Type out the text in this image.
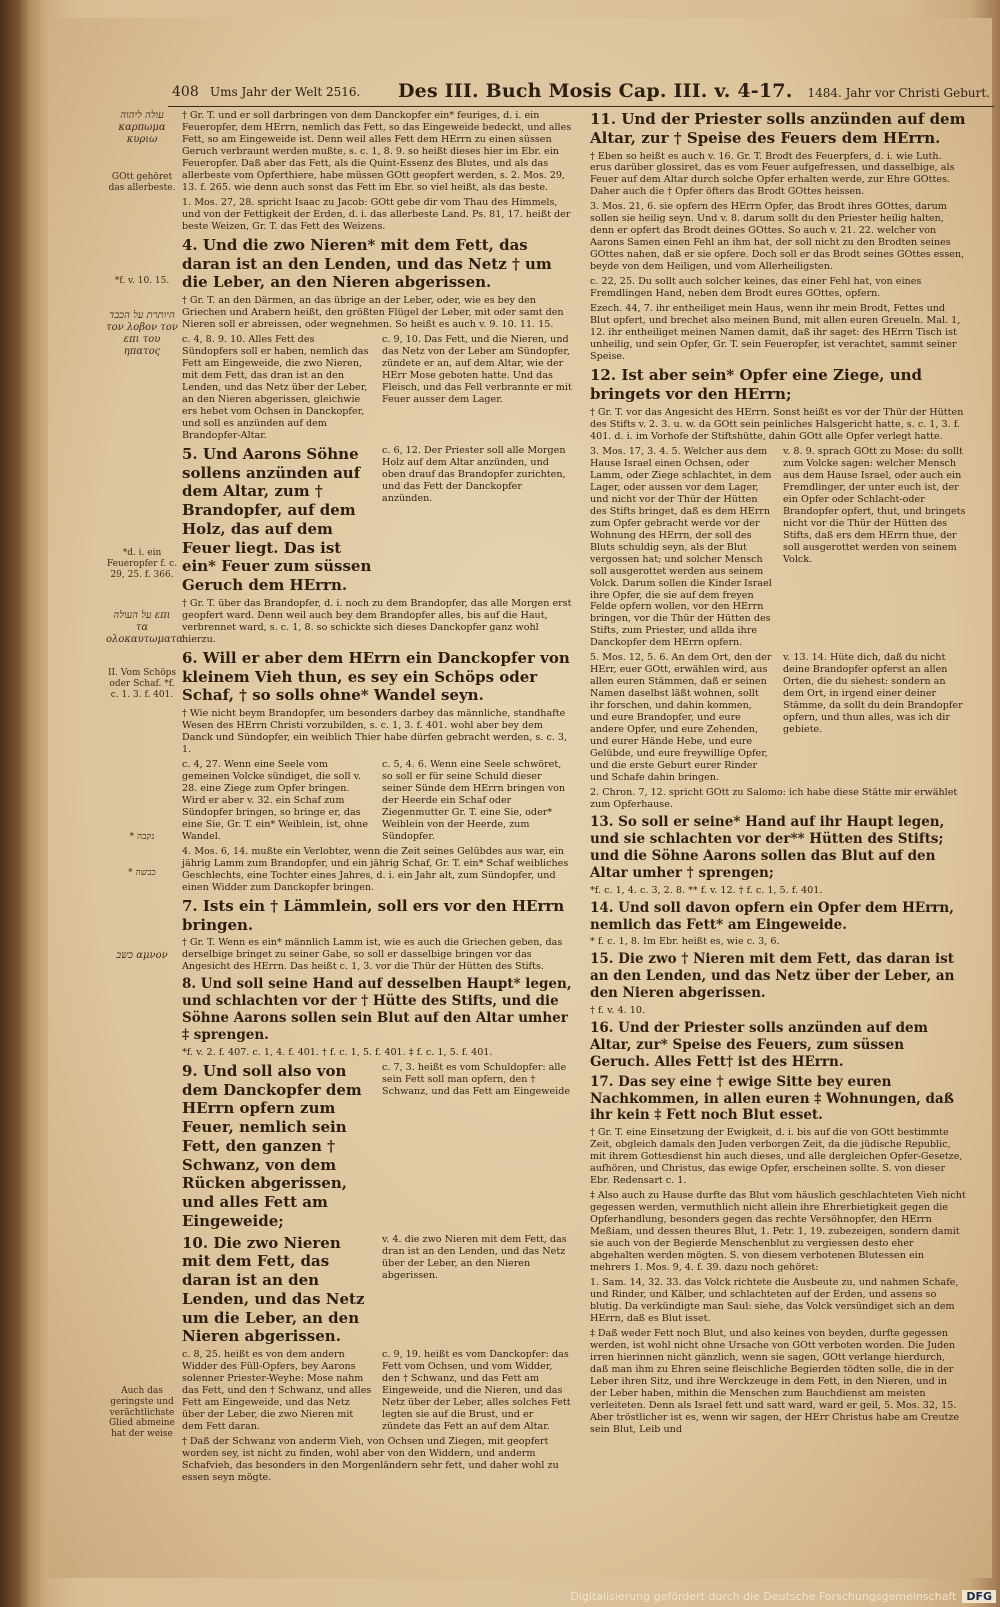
408 Ums Jahr der Welt 2516. Des III. Buch Mosis Cap. III. v. 4-17. 1484. Jahr vor Christi Geburt.
עולה ליהוה καρπωμα κυριω
GOtt gehöret das allerbeste.
*f. v. 10. 15.
היותרת על הכבד τον λοβον τον επι του ηπατος
*d. i. ein Feueropfer f. c. 29, 25. f. 366.
על העולה επι τα ολοκαυτωματα
II. Vom Schöps oder Schaf. *f. c. 1. 3. f. 401.
* נקבה
* כבשה
כשב αμνον
Auch das geringste und verächtlichste Glied abmeine hat der weise
† Gr. T. und er soll darbringen von dem Danckopfer ein* feuriges, d. i. ein Feueropfer, dem HErrn, nemlich das Fett, so das Eingeweide bedeckt, und alles Fett, so am Eingeweide ist. Denn weil alles Fett dem HErrn zu einen süssen Geruch verbraunt werden mußte, s. c. 1, 8. 9. so heißt dieses hier im Ebr. ein Feueropfer. Daß aber das Fett, als die Quint-Essenz des Blutes, und als das allerbeste vom Opferthiere, habe müssen GOtt geopfert werden, s. 2. Mos. 29, 13. f. 265. wie denn auch sonst das Fett im Ebr. so viel heißt, als das beste.
1. Mos. 27, 28. spricht Isaac zu Jacob: GOtt gebe dir vom Thau des Himmels, und von der Fettigkeit der Erden, d. i. das allerbeste Land. Ps. 81, 17. heißt der beste Weizen, Gr. T. das Fett des Weizens.
4. Und die zwo Nieren* mit dem Fett, das daran ist an den Lenden, und das Netz † um die Leber, an den Nieren abgerissen.
† Gr. T. an den Därmen, an das übrige an der Leber, oder, wie es bey den Griechen und Arabern heißt, den größten Flügel der Leber, mit oder samt den Nieren soll er abreissen, oder wegnehmen. So heißt es auch v. 9. 10. 11. 15.
c. 4, 8. 9. 10. Alles Fett des Sündopfers soll er haben, nemlich das Fett am Eingeweide, die zwo Nieren, mit dem Fett, das dran ist an den Lenden, und das Netz über der Leber, an den Nieren abgerissen, gleichwie ers hebet vom Ochsen in Danckopfer, und soll es anzünden auf dem Brandopfer-Altar.
c. 9, 10. Das Fett, und die Nieren, und das Netz von der Leber am Sündopfer, zündete er an, auf dem Altar, wie der HErr Mose geboten hatte. Und das Fleisch, und das Fell verbrannte er mit Feuer ausser dem Lager.
5. Und Aarons Söhne sollens anzünden auf dem Altar, zum † Brandopfer, auf dem Holz, das auf dem Feuer liegt. Das ist ein* Feuer zum süssen Geruch dem HErrn.
c. 6, 12. Der Priester soll alle Morgen Holz auf dem Altar anzünden, und oben drauf das Brandopfer zurichten, und das Fett der Danckopfer anzünden.
† Gr. T. über das Brandopfer, d. i. noch zu dem Brandopfer, das alle Morgen erst geopfert ward. Denn weil auch bey dem Brandopfer alles, bis auf die Haut, verbrennet ward, s. c. 1, 8. so schickte sich dieses Danckopfer ganz wohl hierzu.
6. Will er aber dem HErrn ein Danckopfer von kleinem Vieh thun, es sey ein Schöps oder Schaf, † so solls ohne* Wandel seyn.
† Wie nicht beym Brandopfer, um besonders darbey das männliche, standhafte Wesen des HErrn Christi vorzubilden, s. c. 1, 3. f. 401. wohl aber bey dem Danck und Sündopfer, ein weiblich Thier habe dürfen gebracht werden, s. c. 3, 1.
c. 4, 27. Wenn eine Seele vom gemeinen Volcke sündiget, die soll v. 28. eine Ziege zum Opfer bringen. Wird er aber v. 32. ein Schaf zum Sündopfer bringen, so bringe er, das eine Sie, Gr. T. ein* Weiblein, ist, ohne Wandel.
c. 5, 4. 6. Wenn eine Seele schwöret, so soll er für seine Schuld dieser seiner Sünde dem HErrn bringen von der Heerde ein Schaf oder Ziegenmutter Gr. T. eine Sie, oder* Weiblein von der Heerde, zum Sündopfer.
4. Mos. 6, 14. mußte ein Verlobter, wenn die Zeit seines Gelübdes aus war, ein jährig Lamm zum Brandopfer, und ein jährig Schaf, Gr. T. ein* Schaf weibliches Geschlechts, eine Tochter eines Jahres, d. i. ein Jahr alt, zum Sündopfer, und einen Widder zum Danckopfer bringen.
7. Ists ein † Lämmlein, soll ers vor den HErrn bringen.
† Gr. T. Wenn es ein* männlich Lamm ist, wie es auch die Griechen geben, das derselbige bringet zu seiner Gabe, so soll er dasselbige bringen vor das Angesicht des HErrn. Das heißt c. 1, 3. vor die Thür der Hütten des Stifts.
8. Und soll seine Hand auf desselben Haupt* legen, und schlachten vor der † Hütte des Stifts, und die Söhne Aarons sollen sein Blut auf den Altar umher ‡ sprengen.
*f. v. 2. f. 407. c. 1, 4. f. 401. † f. c. 1, 5. f. 401. ‡ f. c. 1, 5. f. 401.
9. Und soll also von dem Danckopfer dem HErrn opfern zum Feuer, nemlich sein Fett, den ganzen † Schwanz, von dem Rücken abgerissen, und alles Fett am Eingeweide;
c. 7, 3. heißt es vom Schuldopfer: alle sein Fett soll man opfern, den † Schwanz, und das Fett am Eingeweide
10. Die zwo Nieren mit dem Fett, das daran ist an den Lenden, und das Netz um die Leber, an den Nieren abgerissen.
v. 4. die zwo Nieren mit dem Fett, das dran ist an den Lenden, und das Netz über der Leber, an den Nieren abgerissen.
c. 8, 25. heißt es von dem andern Widder des Füll-Opfers, bey Aarons solenner Priester-Weyhe: Mose nahm das Fett, und den † Schwanz, und alles Fett am Eingeweide, und das Netz über der Leber, die zwo Nieren mit dem Fett daran.
c. 9, 19. heißt es vom Danckopfer: das Fett vom Ochsen, und vom Widder, den † Schwanz, und das Fett am Eingeweide, und die Nieren, und das Netz über der Leber, alles solches Fett legten sie auf die Brust, und er zündete das Fett an auf dem Altar.
† Daß der Schwanz von anderm Vieh, von Ochsen und Ziegen, mit geopfert worden sey, ist nicht zu finden, wohl aber von den Widdern, und anderm Schafvieh, das besonders in den Morgenländern sehr fett, und daher wohl zu essen seyn mögte.
11. Und der Priester solls anzünden auf dem Altar, zur † Speise des Feuers dem HErrn.
† Eben so heißt es auch v. 16. Gr. T. Brodt des Feuerpfers, d. i. wie Luth. erus darüber glossiret, das es vom Feuer aufgefressen, und dasselbige, als Feuer auf dem Altar durch solche Opfer erhalten werde, zur Ehre GOttes. Daher auch die † Opfer öfters das Brodt GOttes heissen.
3. Mos. 21, 6. sie opfern des HErrn Opfer, das Brodt ihres GOttes, darum sollen sie heilig seyn. Und v. 8. darum sollt du den Priester heilig halten, denn er opfert das Brodt deines GOttes. So auch v. 21. 22. welcher von Aarons Samen einen Fehl an ihm hat, der soll nicht zu den Brodten seines GOttes nahen, daß er sie opfere. Doch soll er das Brodt seines GOttes essen, beyde von dem Heiligen, und vom Allerheiligsten.
c. 22, 25. Du sollt auch solcher keines, das einer Fehl hat, von eines Fremdlingen Hand, neben dem Brodt eures GOttes, opfern.
Ezech. 44, 7. ihr entheiliget mein Haus, wenn ihr mein Brodt, Fettes und Blut opfert, und brechet also meinen Bund, mit allen euren Greueln. Mal. 1, 12. ihr entheiliget meinen Namen damit, daß ihr saget: des HErrn Tisch ist unheilig, und sein Opfer, Gr. T. sein Feueropfer, ist verachtet, sammt seiner Speise.
12. Ist aber sein* Opfer eine Ziege, und bringets vor den HErrn;
† Gr. T. vor das Angesicht des HErrn. Sonst heißt es vor der Thür der Hütten des Stifts v. 2. 3. u. w. da GOtt sein peinliches Halsgericht hatte, s. c. 1, 3. f. 401. d. i. im Vorhofe der Stiftshütte, dahin GOtt alle Opfer verlegt hatte.
3. Mos. 17, 3. 4. 5. Welcher aus dem Hause Israel einen Ochsen, oder Lamm, oder Ziege schlachtet, in dem Lager, oder aussen vor dem Lager, und nicht vor der Thür der Hütten des Stifts bringet, daß es dem HErrn zum Opfer gebracht werde vor der Wohnung des HErrn, der soll des Bluts schuldig seyn, als der Blut vergossen hat; und solcher Mensch soll ausgerottet werden aus seinem Volck. Darum sollen die Kinder Israel ihre Opfer, die sie auf dem freyen Felde opfern wollen, vor den HErrn bringen, vor die Thür der Hütten des Stifts, zum Priester, und allda ihre Danckopfer dem HErrn opfern.
v. 8. 9. sprach GOtt zu Mose: du sollt zum Volcke sagen: welcher Mensch aus dem Hause Israel, oder auch ein Fremdlinger, der unter euch ist, der ein Opfer oder Schlacht-oder Brandopfer opfert, thut, und bringets nicht vor die Thür der Hütten des Stifts, daß ers dem HErrn thue, der soll ausgerottet werden von seinem Volck.
5. Mos. 12, 5. 6. An dem Ort, den der HErr, euer GOtt, erwählen wird, aus allen euren Stämmen, daß er seinen Namen daselbst läßt wohnen, sollt ihr forschen, und dahin kommen, und eure Brandopfer, und eure andere Opfer, und eure Zehenden, und eurer Hände Hebe, und eure Gelübde, und eure freywillige Opfer, und die erste Geburt eurer Rinder und Schafe dahin bringen.
v. 13. 14. Hüte dich, daß du nicht deine Brandopfer opferst an allen Orten, die du siehest: sondern an dem Ort, in irgend einer deiner Stämme, da sollt du dein Brandopfer opfern, und thun alles, was ich dir gebiete.
2. Chron. 7, 12. spricht GOtt zu Salomo: ich habe diese Stätte mir erwählet zum Opferhause.
13. So soll er seine* Hand auf ihr Haupt legen, und sie schlachten vor der** Hütten des Stifts; und die Söhne Aarons sollen das Blut auf den Altar umher † sprengen;
*f. c. 1, 4. c. 3, 2. 8. ** f. v. 12. † f. c. 1, 5. f. 401.
14. Und soll davon opfern ein Opfer dem HErrn, nemlich das Fett* am Eingeweide.
* f. c. 1, 8. Im Ebr. heißt es, wie c. 3, 6.
15. Die zwo † Nieren mit dem Fett, das daran ist an den Lenden, und das Netz über der Leber, an den Nieren abgerissen.
† f. v. 4. 10.
16. Und der Priester solls anzünden auf dem Altar, zur* Speise des Feuers, zum süssen Geruch. Alles Fett† ist des HErrn.
17. Das sey eine † ewige Sitte bey euren Nachkommen, in allen euren ‡ Wohnungen, daß ihr kein ‡ Fett noch Blut esset.
† Gr. T. eine Einsetzung der Ewigkeit, d. i. bis auf die von GOtt bestimmte Zeit, obgleich damals den Juden verborgen Zeit, da die jüdische Republic, mit ihrem Gottesdienst hin auch dieses, und alle dergleichen Opfer-Gesetze, aufhören, und Christus, das ewige Opfer, erscheinen sollte. S. von dieser Ebr. Redensart c. 1.
‡ Also auch zu Hause durfte das Blut vom häuslich geschlachteten Vieh nicht gegessen werden, vermuthlich nicht allein ihre Ehrerbietigkeit gegen die Opferhandlung, besonders gegen das rechte Versöhnopfer, den HErrn Meßiam, und dessen theures Blut, 1. Petr. 1, 19. zubezeigen, sondern damit sie auch von der Begierde Menschenblut zu vergiessen desto eher abgehalten werden mögten. S. von diesem verbotenen Blutessen ein mehrers 1. Mos. 9, 4. f. 39. dazu noch gehöret:
1. Sam. 14, 32. 33. das Volck richtete die Ausbeute zu, und nahmen Schafe, und Rinder, und Kälber, und schlachteten auf der Erden, und assens so blutig. Da verkündigte man Saul: siehe, das Volck versündiget sich an dem HErrn, daß es Blut isset.
‡ Daß weder Fett noch Blut, und also keines von beyden, durfte gegessen werden, ist wohl nicht ohne Ursache von GOtt verboten worden. Die Juden irren hierinnen nicht gänzlich, wenn sie sagen, GOtt verlange hierdurch, daß man ihm zu Ehren seine fleischliche Begierden tödten solle, die in der Leber ihren Sitz, und ihre Werckzeuge in dem Fett, in den Nieren, und in der Leber haben, mithin die Menschen zum Bauchdienst am meisten verleiteten. Denn als Israel fett und satt ward, ward er geil, 5. Mos. 32, 15. Aber tröstlicher ist es, wenn wir sagen, der HErr Christus habe am Creutze sein Blut, Leib und
Digitalisierung gefördert durch die Deutsche Forschungsgemeinschaft DFG
